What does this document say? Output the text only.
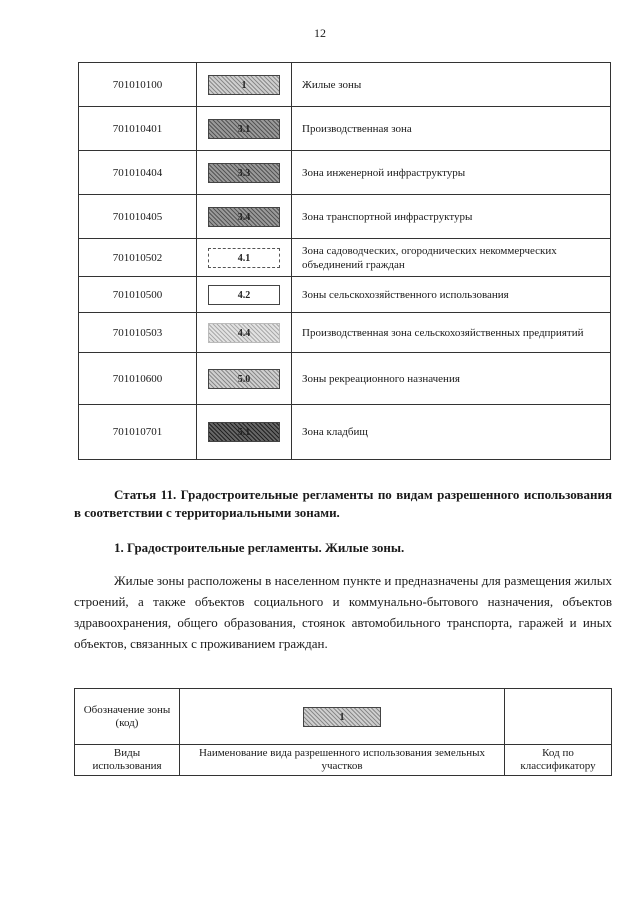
12
701010100	1	Жилые зоны
701010401	3.1	Производственная зона
701010404	3.3	Зона инженерной инфраструктуры
701010405	3.4	Зона транспортной инфраструктуры
701010502	4.1	Зона садоводческих, огороднических некоммерческих объединений граждан
701010500	4.2	Зоны сельскохозяйственного использования
701010503	4.4	Производственная зона сельскохозяйственных предприятий
701010600	5.0	Зоны рекреационного назначения
701010701	5.1	Зона кладбищ
Статья 11. Градостроительные регламенты по видам разрешенного использования в соответствии с территориальными зонами.
1. Градостроительные регламенты. Жилые зоны.
Жилые зоны расположены в населенном пункте и предназначены для размещения жилых строений, а также объектов социального и коммунально-бытового назначения, объектов здравоохранения, общего образования, стоянок автомобильного транспорта, гаражей и иных объектов, связанных с проживанием граждан.
Обозначение зоны (код)	1	
Виды использования	Наименование вида разрешенного использования земельных участков	Код по классификатору
